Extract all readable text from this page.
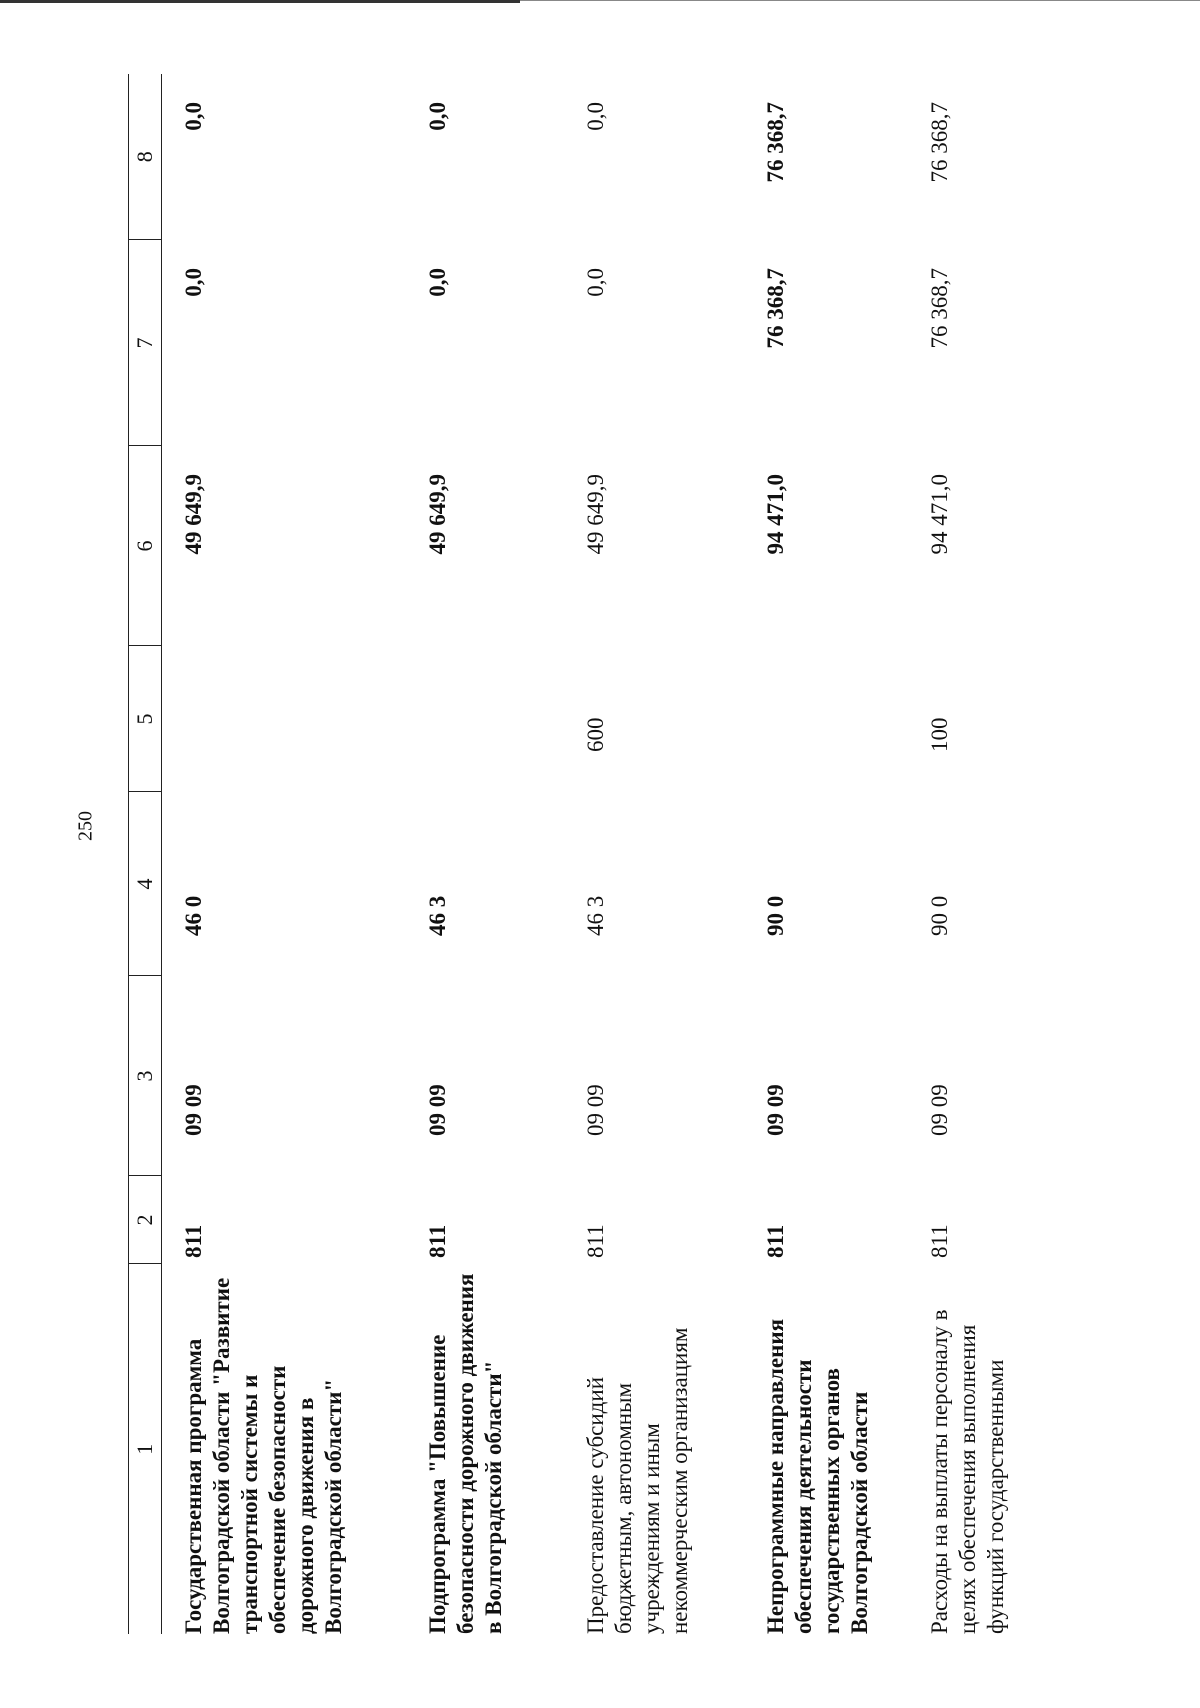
250
1	2	3	4	5	6	7	8
Государственная программа Волгоградской области "Развитие транспортной системы и обеспечение безопасности дорожного движения в Волгоградской области"	811	09 09	46 0		49 649,9	0,0	0,0
Подпрограмма "Повышение безопасности дорожного движения в Волгоградской области"	811	09 09	46 3		49 649,9	0,0	0,0
Предоставление субсидий бюджетным, автономным учреждениям и иным некоммерческим организациям	811	09 09	46 3	600	49 649,9	0,0	0,0
Непрограммные направления обеспечения деятельности государственных органов Волгоградской области	811	09 09	90 0		94 471,0	76 368,7	76 368,7
Расходы на выплаты персоналу в целях обеспечения выполнения функций государственными	811	09 09	90 0	100	94 471,0	76 368,7	76 368,7
